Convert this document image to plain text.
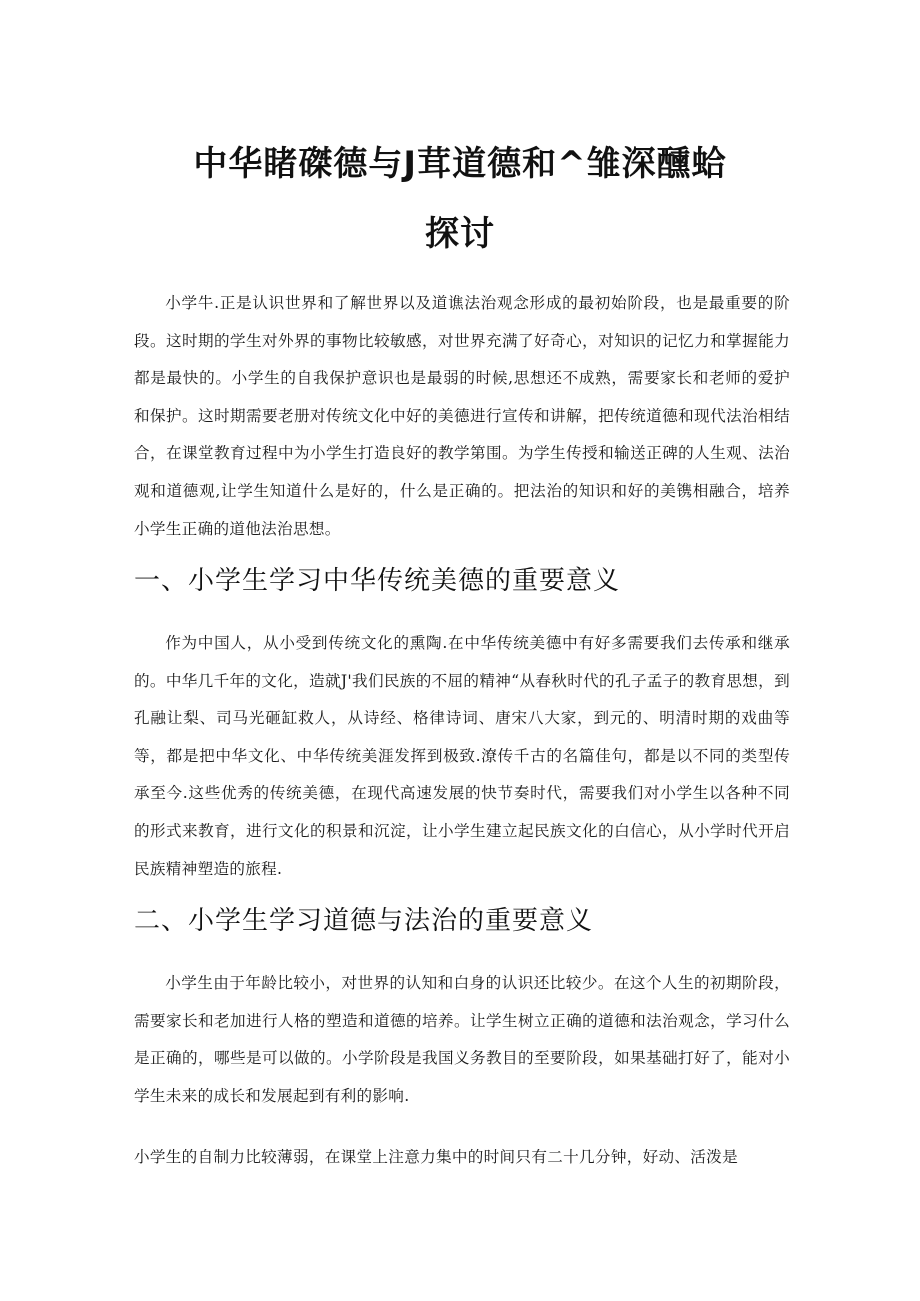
中华睹磔德与J茸道德和^雏深醺蛤
探讨

小学牛.正是认识世界和了解世界以及道谯法治观念形成的最初始阶段，也是最重要的阶段。这时期的学生对外界的事物比较敏感，对世界充满了好奇心，对知识的记忆力和掌握能力都是最快的。小学生的自我保护意识也是最弱的时候,思想还不成熟，需要家长和老师的爱护和保护。这时期需要老册对传统文化中好的美德进行宣传和讲解，把传统道德和现代法治相结合，在课堂教育过程中为小学生打造良好的教学第围。为学生传授和输送正碑的人生观、法治观和道德观,让学生知道什么是好的，什么是正确的。把法治的知识和好的美镌相融合，培养小学生正确的道他法治思想。

一、小学生学习中华传统美德的重要意义

作为中国人，从小受到传统文化的熏陶.在中华传统美德中有好多需要我们去传承和继承的。中华几千年的文化，造就J'我们民族的不屈的精神“从春秋时代的孔子孟子的教育思想，到孔融让梨、司马光砸缸救人，从诗经、格律诗词、唐宋八大家，到元的、明清时期的戏曲等等，都是把中华文化、中华传统美涯发挥到极致.潦传千古的名篇佳句，都是以不同的类型传承至今.这些优秀的传统美德，在现代高速发展的快节奏时代，需要我们对小学生以各种不同的形式来教育，进行文化的积景和沉淀，让小学生建立起民族文化的白信心，从小学时代开启民族精神塑造的旅程.

二、小学生学习道德与法治的重要意义

小学生由于年龄比较小，对世界的认知和白身的认识还比较少。在这个人生的初期阶段，需要家长和老加进行人格的塑造和道德的培养。让学生树立正确的道德和法治观念，学习什么是正确的，哪些是可以做的。小学阶段是我国义务教目的至要阶段，如果基础打好了，能对小学生未来的成长和发展起到有利的影响.

小学生的自制力比较薄弱，在课堂上注意力集中的时间只有二十几分钟，好动、活泼是
